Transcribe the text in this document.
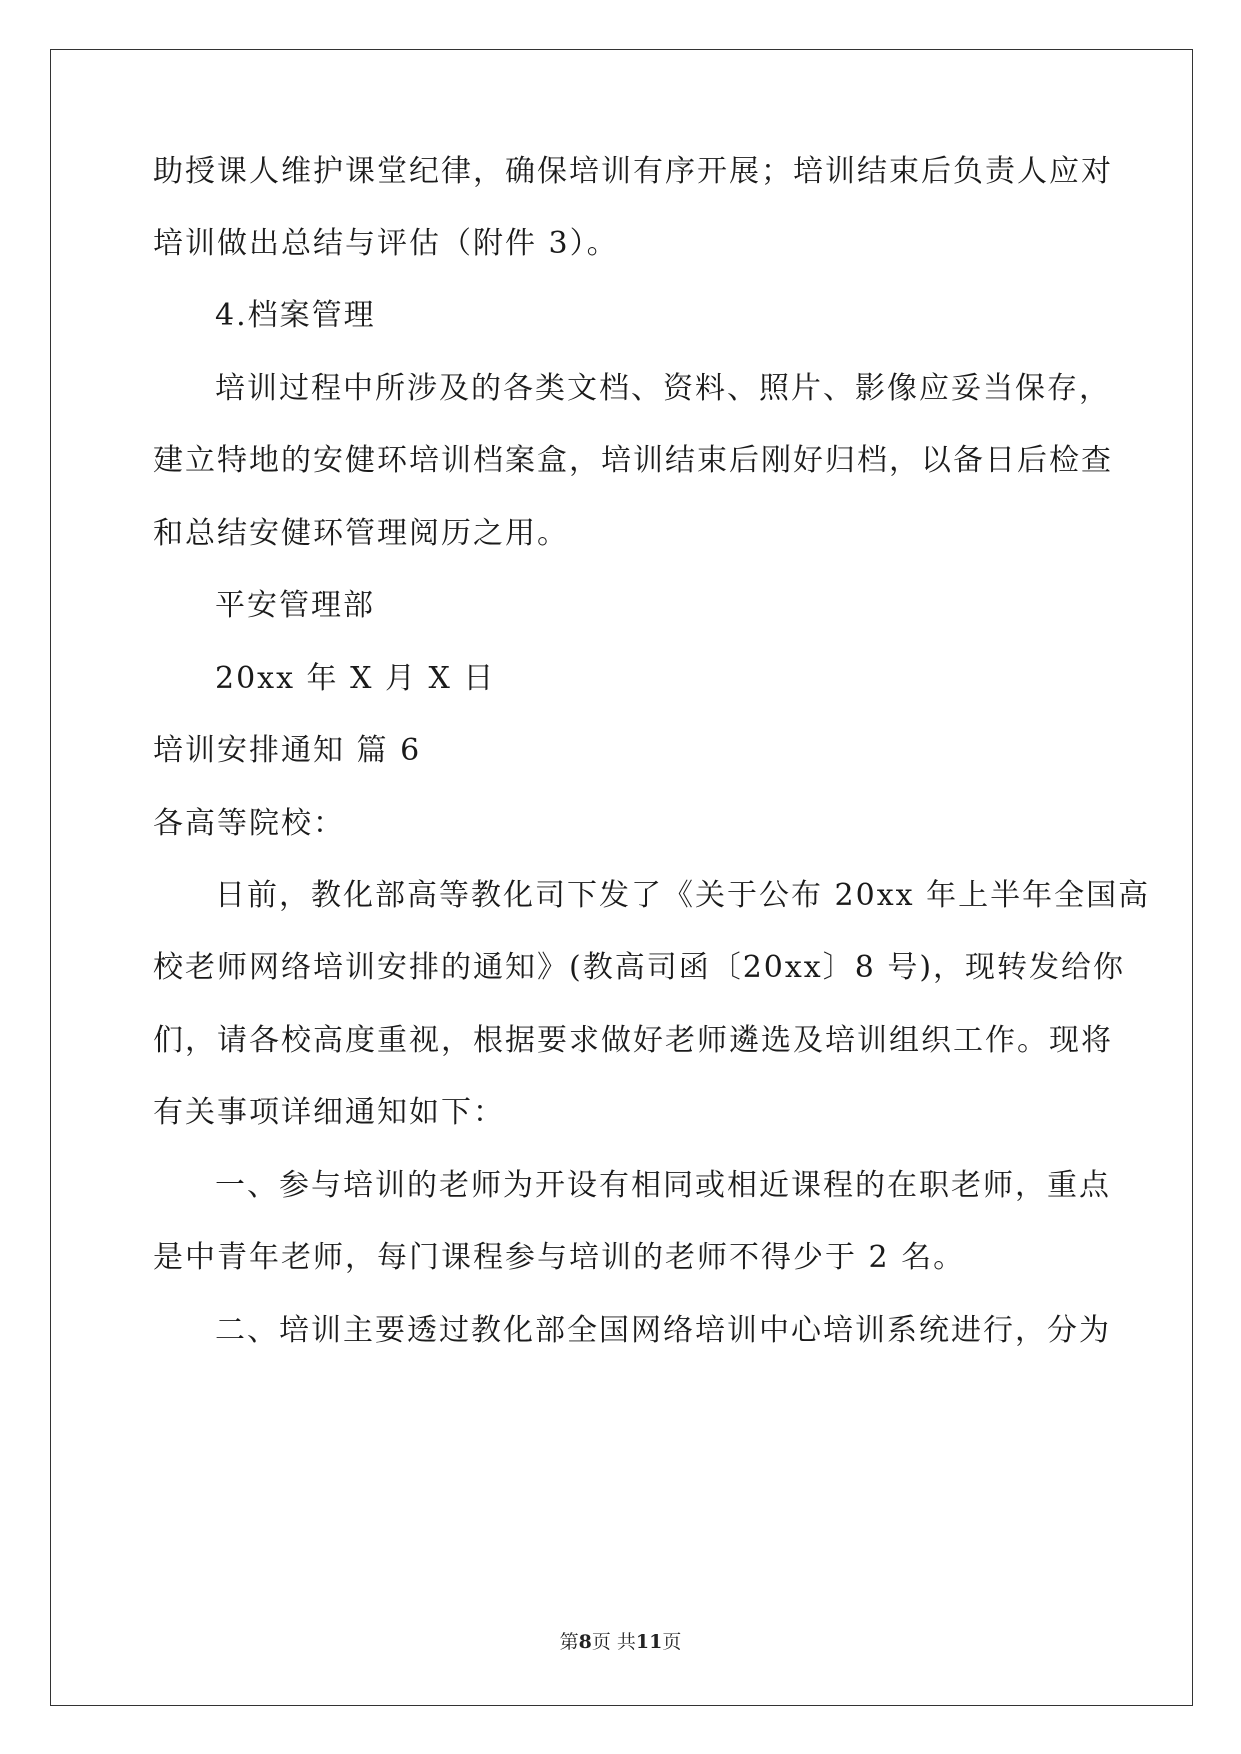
助授课人维护课堂纪律，确保培训有序开展；培训结束后负责人应对
培训做出总结与评估（附件 3）。
4.档案管理
培训过程中所涉及的各类文档、资料、照片、影像应妥当保存，
建立特地的安健环培训档案盒，培训结束后刚好归档，以备日后检查
和总结安健环管理阅历之用。
平安管理部
20xx 年 X 月 X 日
培训安排通知 篇 6
各高等院校：
日前，教化部高等教化司下发了《关于公布 20xx 年上半年全国高
校老师网络培训安排的通知》(教高司函〔20xx〕8 号)，现转发给你
们，请各校高度重视，根据要求做好老师遴选及培训组织工作。现将
有关事项详细通知如下：
一、参与培训的老师为开设有相同或相近课程的在职老师，重点
是中青年老师，每门课程参与培训的老师不得少于 2 名。
二、培训主要透过教化部全国网络培训中心培训系统进行，分为
第8页 共11页
